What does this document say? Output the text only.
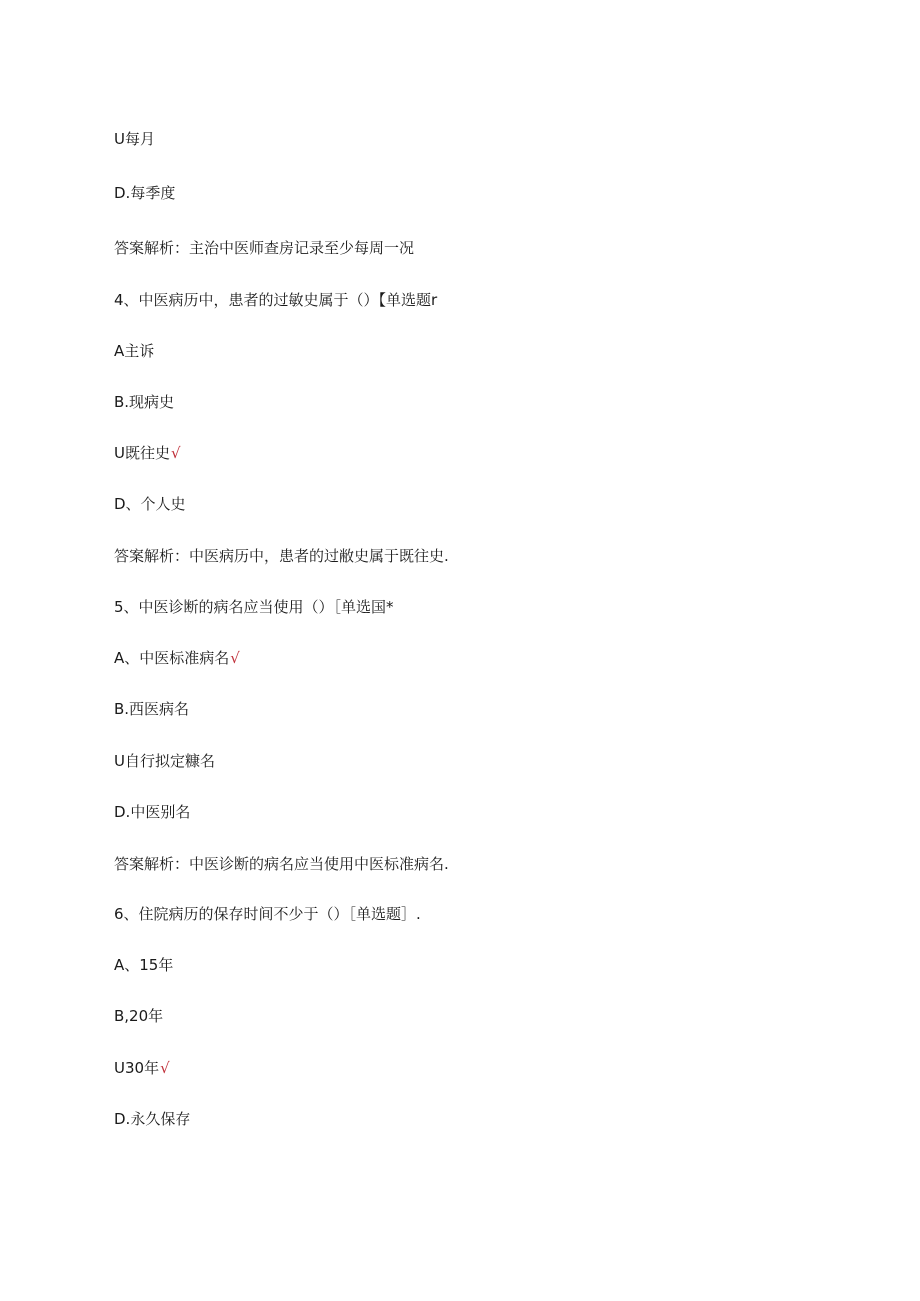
U每月
D.每季度
答案解析：主治中医师查房记录至少每周一况
4、中医病历中，患者的过敏史属于（）【单选题r
A主诉
B.现病史
U既往史√
D、个人史
答案解析：中医病历中，患者的过敝史属于既往史.
5、中医诊断的病名应当使用（）［单选国*
A、中医标准病名√
B.西医病名
U自行拟定糠名
D.中医别名
答案解析：中医诊断的病名应当使用中医标准病名.
6、住院病历的保存时间不少于（）［单选题］.
A、15年
B,20年
U30年√
D.永久保存
